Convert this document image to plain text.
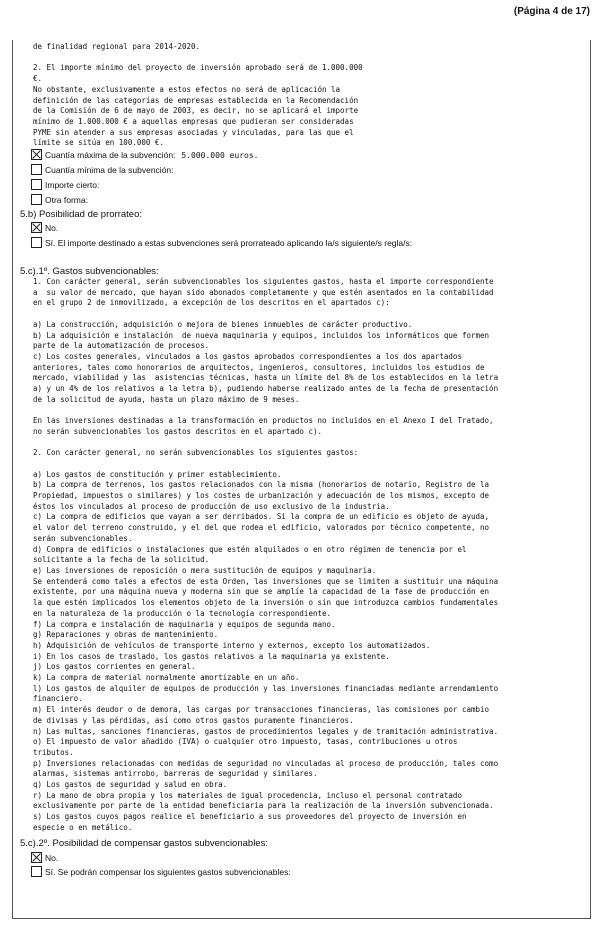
(Página 4 de 17)
de finalidad regional para 2014-2020.

2. El importe mínimo del proyecto de inversión aprobado será de 1.000.000
€.
No obstante, exclusivamente a estos efectos no será de aplicación la
definición de las categorías de empresas establecida en la Recomendación
de la Comisión de 6 de mayo de 2003, es decir, no se aplicará el importe
mínimo de 1.000.000 € a aquellas empresas que pudieran ser consideradas
PYME sin atender a sus empresas asociadas y vinculadas, para las que el
límite se sitúa en 100.000 €.
Cuantía máxima de la subvención: 5.000.000 euros.
Cuantía mínima de la subvención:
Importe cierto:
Otra forma:
5.b) Posibilidad de prorrateo:
No.
Sí. El importe destinado a estas subvenciones será prorrateado aplicando la/s siguiente/s regla/s:
5.c).1º. Gastos subvencionables:
1. Con carácter general, serán subvencionables los siguientes gastos, hasta el importe correspondiente
a  su valor de mercado, que hayan sido abonados completamente y que estén asentados en la contabilidad
en el grupo 2 de inmovilizado, a excepción de los descritos en el apartados c):

a) La construcción, adquisición o mejora de bienes inmuebles de carácter productivo.
b) La adquisición e instalación  de nueva maquinaria y equipos, incluidos los informáticos que formen
parte de la automatización de procesos.
c) Los costes generales, vinculados a los gastos aprobados correspondientes a los dos apartados
anteriores, tales como honorarios de arquitectos, ingenieros, consultores, incluidos los estudios de
mercado, viabilidad y las  asistencias técnicas, hasta un límite del 8% de los establecidos en la letra
a) y un 4% de los relativos a la letra b), pudiendo haberse realizado antes de la fecha de presentación
de la solicitud de ayuda, hasta un plazo máximo de 9 meses.

En las inversiones destinadas a la transformación en productos no incluidos en el Anexo I del Tratado,
no serán subvencionables los gastos descritos en el apartado c).

2. Con carácter general, no serán subvencionables los siguientes gastos:

a) Los gastos de constitución y primer establecimiento.
b) La compra de terrenos, los gastos relacionados con la misma (honorarios de notario, Registro de la
Propiedad, impuestos o similares) y los costes de urbanización y adecuación de los mismos, excepto de
éstos los vinculados al proceso de producción de uso exclusivo de la industria.
c) La compra de edificios que vayan a ser derribados. Si la compra de un edificio es objeto de ayuda,
el valor del terreno construido, y el del que rodea el edificio, valorados por técnico competente, no
serán subvencionables.
d) Compra de edificios o instalaciones que estén alquilados o en otro régimen de tenencia por el
solicitante a la fecha de la solicitud.
e) Las inversiones de reposición o mera sustitución de equipos y maquinaria.
Se entenderá como tales a efectos de esta Orden, las inversiones que se limiten a sustituir una máquina
existente, por una máquina nueva y moderna sin que se amplíe la capacidad de la fase de producción en
la que estén implicados los elementos objeto de la inversión o sin que introduzca cambios fundamentales
en la naturaleza de la producción o la tecnología correspondiente.
f) La compra e instalación de maquinaria y equipos de segunda mano.
g) Reparaciones y obras de mantenimiento.
h) Adquisición de vehículos de transporte interno y externos, excepto los automatizados.
i) En los casos de traslado, los gastos relativos a la maquinaria ya existente.
j) Los gastos corrientes en general.
k) La compra de material normalmente amortizable en un año.
l) Los gastos de alquiler de equipos de producción y las inversiones financiadas mediante arrendamiento
financiero.
m) El interés deudor o de demora, las cargas por transacciones financieras, las comisiones por cambio
de divisas y las pérdidas, así como otros gastos puramente financieros.
n) Las multas, sanciones financieras, gastos de procedimientos legales y de tramitación administrativa.
o) El impuesto de valor añadido (IVA) o cualquier otro impuesto, tasas, contribuciones u otros
tributos.
p) Inversiones relacionadas con medidas de seguridad no vinculadas al proceso de producción, tales como
alarmas, sistemas antirrobo, barreras de seguridad y similares.
q) Los gastos de seguridad y salud en obra.
r) La mano de obra propia y los materiales de igual procedencia, incluso el personal contratado
exclusivamente por parte de la entidad beneficiaria para la realización de la inversión subvencionada.
s) Los gastos cuyos pagos realice el beneficiario a sus proveedores del proyecto de inversión en
especie o en metálico.
5.c).2º. Posibilidad de compensar gastos subvencionables:
No.
Sí. Se podrán compensar los siguientes gastos subvencionables:
